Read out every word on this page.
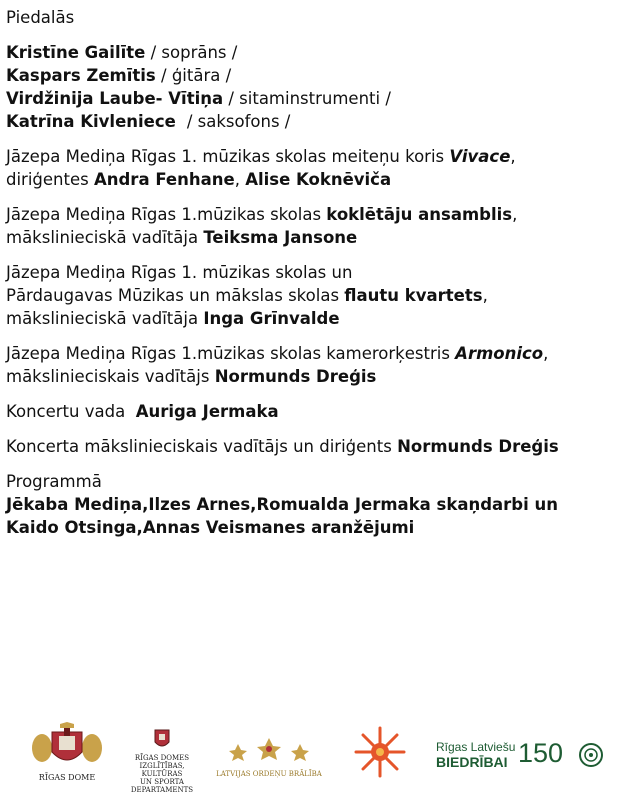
Piedalās
Kristīne Gailīte / soprāns /
Kaspars Zemītis / ģitāra /
Virdžinija Laube- Vītiņa / sitaminstrumenti /
Katrīna Kivleniece  / saksofons /
Jāzepa Mediņa Rīgas 1. mūzikas skolas meiteņu koris Vivace,
diriģentes Andra Fenhane, Alise Koknēviča
Jāzepa Mediņa Rīgas 1.mūzikas skolas koklētāju ansamblis,
mākslinieciskā vadītāja Teiksma Jansone
Jāzepa Mediņa Rīgas 1. mūzikas skolas un
Pārdaugavas Mūzikas un mākslas skolas flautu kvartets,
mākslinieciskā vadītāja Inga Grīnvalde
Jāzepa Mediņa Rīgas 1.mūzikas skolas kamerorķestris Armonico,
mākslinieciskais vadītājs Normunds Dreģis
Koncertu vada  Auriga Jermaka
Koncerta mākslinieciskais vadītājs un diriģents Normunds Dreģis
Programmā
Jēkaba Mediņa,Ilzes Arnes,Romualda Jermaka skaņdarbi un
Kaido Otsinga,Annas Veismanes aranžējumi
RĪGAS DOME
RĪGAS DOMES
IZGLĪTĪBAS, KULTŪRAS
UN SPORTA DEPARTAMENTS
LATVIJAS ORDEŅU BRĀLĪBA
Rīgas Latviešu
BIEDRĪBAI 150
